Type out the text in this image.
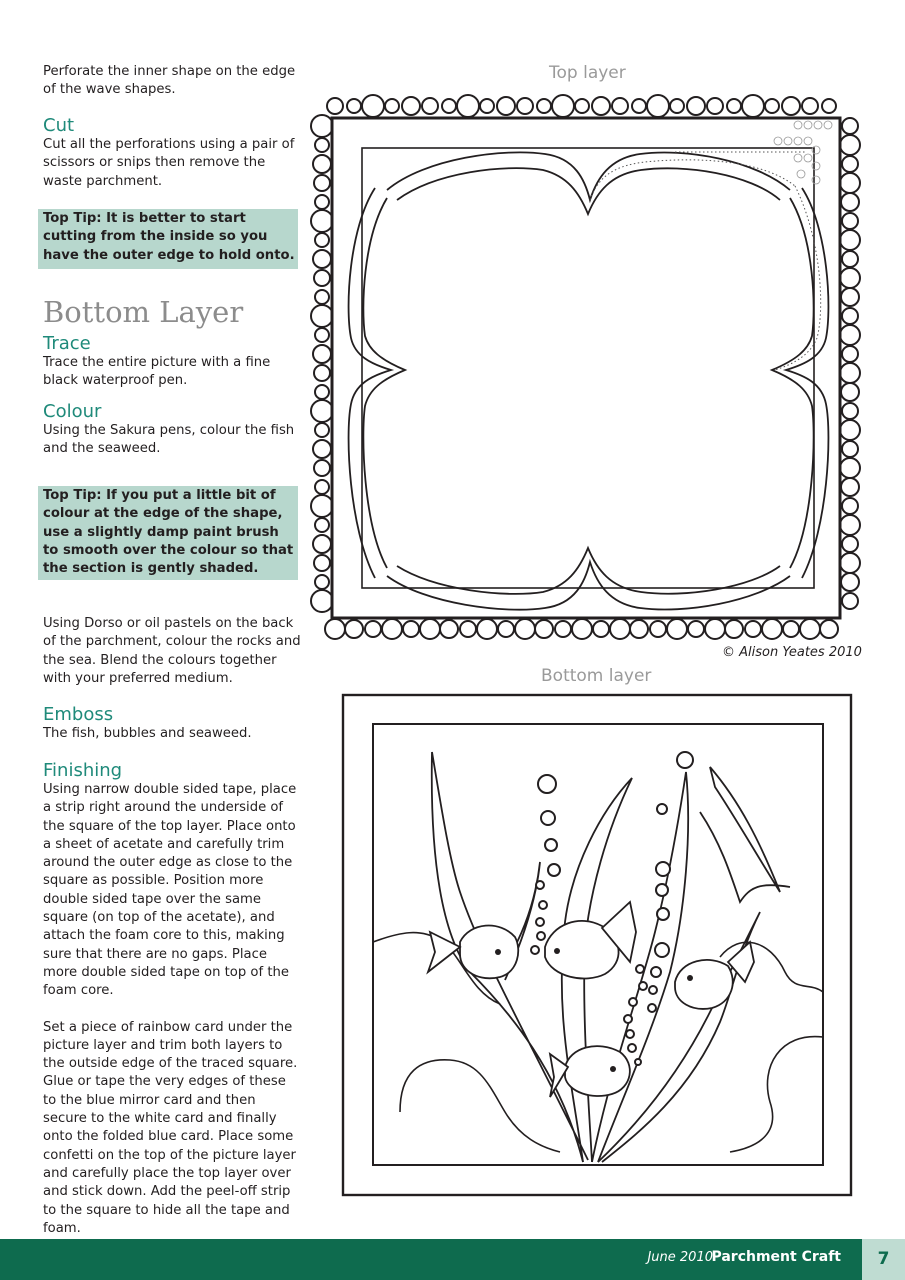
Perforate the inner shape on the edge of the wave shapes.

Cut

Cut all the perforations using a pair of scissors or snips then remove the waste parchment.

Top Tip: It is better to start cutting from the inside so you have the outer edge to hold onto.
Bottom Layer
Trace

Trace the entire picture with a fine black waterproof pen.

Colour

Using the Sakura pens, colour the fish and the seaweed.

Top Tip: If you put a little bit of colour at the edge of the shape, use a slightly damp paint brush to smooth over the colour so that the section is gently shaded.

Using Dorso or oil pastels on the back of the parchment, colour the rocks and the sea. Blend the colours together with your preferred medium.

Emboss

The fish, bubbles and seaweed.

Finishing

Using narrow double sided tape, place a strip right around the underside of the square of the top layer. Place onto a sheet of acetate and carefully trim around the outer edge as close to the square as possible. Position more double sided tape over the same square (on top of the acetate), and attach the foam core to this, making sure that there are no gaps. Place more double sided tape on top of the foam core.

Set a piece of rainbow card under the picture layer and trim both layers to the outside edge of the traced square. Glue or tape the very edges of these to the blue mirror card and then secure to the white card and finally onto the folded blue card. Place some confetti on the top of the picture layer and carefully place the top layer over and stick down. Add the peel-off strip to the square to hide all the tape and foam.

Top layer
Bottom layer
© Alison Yeates 2010
June 2010
Parchment Craft	7
